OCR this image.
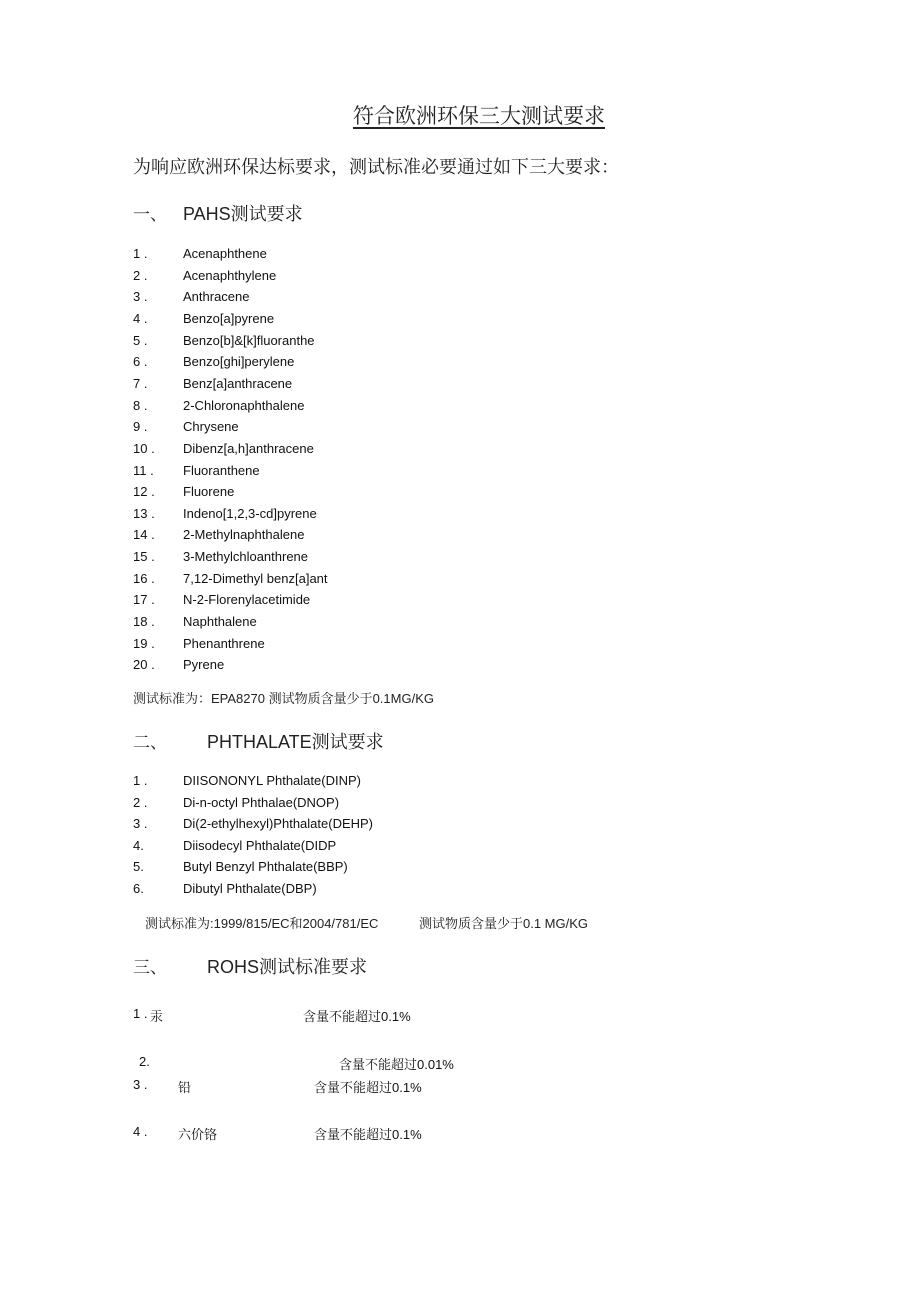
符合欧洲环保三大测试要求
为响应欧洲环保达标要求，测试标准必要通过如下三大要求：
一、 PAHS测试要求
1 .	Acenaphthene
2 .	Acenaphthylene
3 .	Anthracene
4 .	Benzo[a]pyrene
5 .	Benzo[b]&[k]fluoranthe
6 .	Benzo[ghi]perylene
7 .	Benz[a]anthracene
8 .	2-Chloronaphthalene
9 .	Chrysene
10 . Dibenz[a,h]anthracene
11 . Fluoranthene
12 . Fluorene
13 . Indeno[1,2,3-cd]pyrene
14 . 2-Methylnaphthalene
15 . 3-Methylchloanthrene
16 . 7,12-Dimethyl benz[a]ant
17 . N-2-Florenylacetimide
18 . Naphthalene
19 . Phenanthrene
20 . Pyrene
测试标准为：EPA8270 测试物质含量少于0.1MG/KG
二、 PHTHALATE测试要求
1 .	DIISONONYL Phthalate(DINP)
2 .	Di-n-octyl Phthalae(DNOP)
3 .	Di(2-ethylhexyl)Phthalate(DEHP)
4.	Diisodecyl Phthalate(DIDP
5.	Butyl Benzyl Phthalate(BBP)
6.	Dibutyl Phthalate(DBP)
测试标准为:1999/815/EC和2004/781/EC	测试物质含量少于0.1 MG/KG
三、 ROHS测试标准要求
1 . 汞	含量不能超过0.1%
2.	含量不能超过0.01%
3 . 铅	含量不能超过0.1%
4 . 六价铬	含量不能超过0.1%
